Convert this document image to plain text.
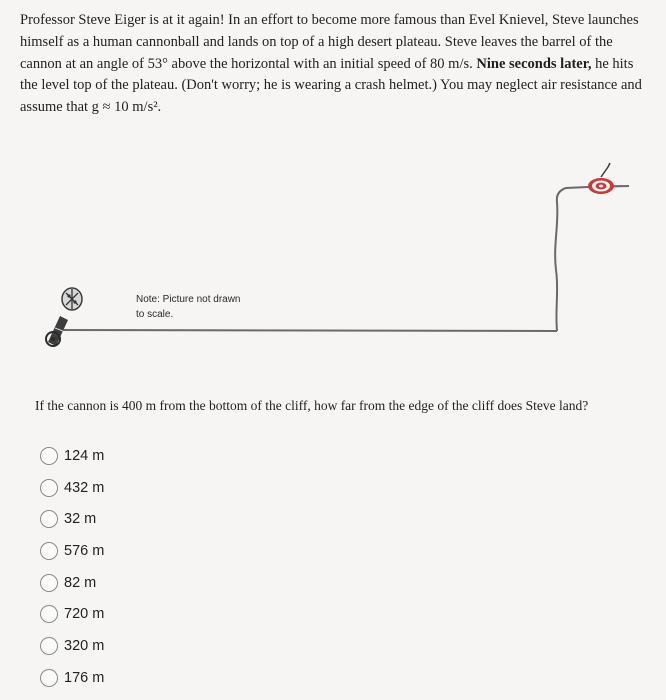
Professor Steve Eiger is at it again! In an effort to become more famous than Evel Knievel, Steve launches himself as a human cannonball and lands on top of a high desert plateau. Steve leaves the barrel of the cannon at an angle of 53° above the horizontal with an initial speed of 80 m/s. Nine seconds later, he hits the level top of the plateau. (Don't worry; he is wearing a crash helmet.) You may neglect air resistance and assume that g ≈ 10 m/s².

Note: Picture not drawn to scale.

If the cannon is 400 m from the bottom of the cliff, how far from the edge of the cliff does Steve land?

124 m
432 m
32 m
576 m
82 m
720 m
320 m
176 m
